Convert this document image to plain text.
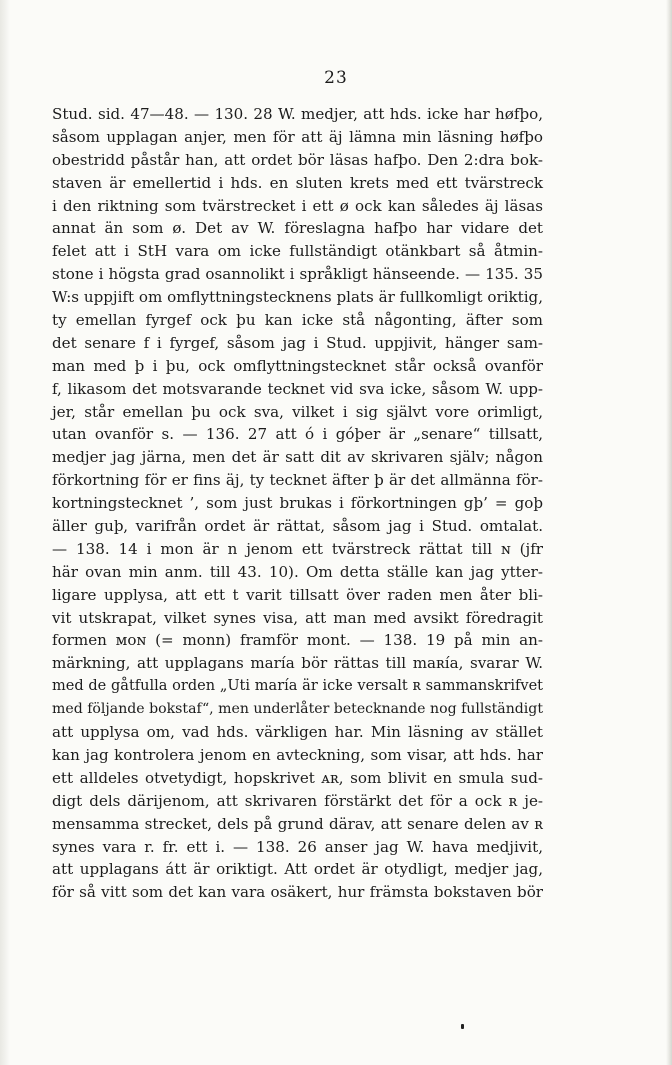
23
Stud. sid. 47—48. — 130. 28 W. medjer, att hds. icke har høfþo,
såsom upplagan anjer, men för att äj lämna min läsning høfþo
obestridd påstår han, att ordet bör läsas hafþo. Den 2:dra bok-
staven är emellertid i hds. en sluten krets med ett tvärstreck
i den riktning som tvärstrecket i ett ø ock kan således äj läsas
annat än som ø. Det av W. föreslagna hafþo har vidare det
felet att i StH vara om icke fullständigt otänkbart så åtmin-
stone i högsta grad osannolikt i språkligt hänseende. — 135. 35
W:s uppjift om omflyttningstecknens plats är fullkomligt oriktig,
ty emellan fyrgef ock þu kan icke stå någonting, äfter som
det senare f i fyrgef, såsom jag i Stud. uppjivit, hänger sam-
man med þ i þu, ock omflyttningstecknet står också ovanför
f, likasom det motsvarande tecknet vid sva icke, såsom W. upp-
jer, står emellan þu ock sva, vilket i sig självt vore orimligt,
utan ovanför s. — 136. 27 att ó i góþer är „senare“ tillsatt,
medjer jag järna, men det är satt dit av skrivaren själv; någon
förkortning för er fins äj, ty tecknet äfter þ är det allmänna för-
kortningstecknet ’, som just brukas i förkortningen gþ’ = goþ
äller guþ, varifrån ordet är rättat, såsom jag i Stud. omtalat.
— 138. 14 i mon är n jenom ett tvärstreck rättat till ɴ (jfr
här ovan min anm. till 43. 10). Om detta ställe kan jag ytter-
ligare upplysa, att ett t varit tillsatt över raden men åter bli-
vit utskrapat, vilket synes visa, att man med avsikt föredragit
formen ᴍᴏɴ (= monn) framför mont. — 138. 19 på min an-
märkning, att upplagans maría bör rättas till maʀía, svarar W.
med de gåtfulla orden „Uti maría är icke versalt ʀ sammanskrifvet
med följande bokstaf“, men underlåter betecknande nog fullständigt
att upplysa om, vad hds. värkligen har. Min läsning av stället
kan jag kontrolera jenom en avteckning, som visar, att hds. har
ett alldeles otvetydigt, hopskrivet ᴀʀ, som blivit en smula sud-
digt dels därijenom, att skrivaren förstärkt det för a ock ʀ je-
mensamma strecket, dels på grund därav, att senare delen av ʀ
synes vara r. fr. ett i. — 138. 26 anser jag W. hava medjivit,
att upplagans átt är oriktigt. Att ordet är otydligt, medjer jag,
för så vitt som det kan vara osäkert, hur främsta bokstaven bör
